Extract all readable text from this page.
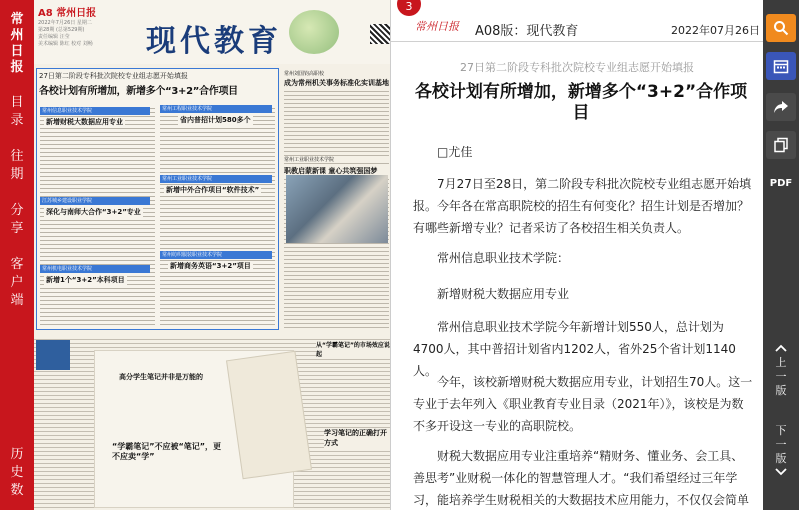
常
州
日
报
目
录
往
期
分
享
客
户
端
历
史
数
A8 常州日报
2022年7月26日 星期二
第28期 (总第529期)
责任编辑 汪莹
美术编辑 陈红 校对 刘畅	现代教育
27日第二阶段专科批次院校专业组志愿开始填报
各校计划有所增加，新增多个“3+2”合作项目
常州信息职业技术学院
新增财税大数据应用专业
江苏城乡建设职业学院
深化与南师大合作“3+2”专业
常州机电职业技术学院
新增1个“3+2”本科项目
常州工程职业技术学院
省内普招计划580多个
常州工业职业技术学院
新增中外合作项目“软件技术”
常州纺织服装职业技术学院
新增商务英语“3+2”项目
常州刘国钧高职校
成为常州机关事务标准化实训基地
常州工业职业技术学院
职教启蒙新课 童心共筑强国梦
高分学生笔记并非是万能的
“学霸笔记”不应被“笔记”，更不应卖“学”
从“学霸笔记”的市场效应说起
学习笔记的正确打开方式
3
常州日报 A08版：现代教育	2022年07月26日
27日第二阶段专科批次院校专业组志愿开始填报
各校计划有所增加，新增多个“3+2”合作项目
□尤佳
7月27日至28日，第二阶段专科批次院校专业组志愿开始填报。今年各在常高职院校的招生有何变化？招生计划是否增加？有哪些新增专业？记者采访了各校招生相关负责人。
常州信息职业技术学院：
新增财税大数据应用专业
常州信息职业技术学院今年新增计划550人，总计划为4700人，其中普招计划省内1202人，省外25个省计划1140人。
今年，该校新增财税大数据应用专业，计划招生70人。这一专业于去年列入《职业教育专业目录（2021年）》，该校是为数不多开设这一专业的高职院校。
财税大数据应用专业注重培养“精财务、懂业务、会工具、善思考”业财税一体化的智慧管理人才。“我们希望经过三年学习，能培养学生财税相关的大数据技术应用能力，不仅仅会简单
PDF
上
一
版
下
一
版
